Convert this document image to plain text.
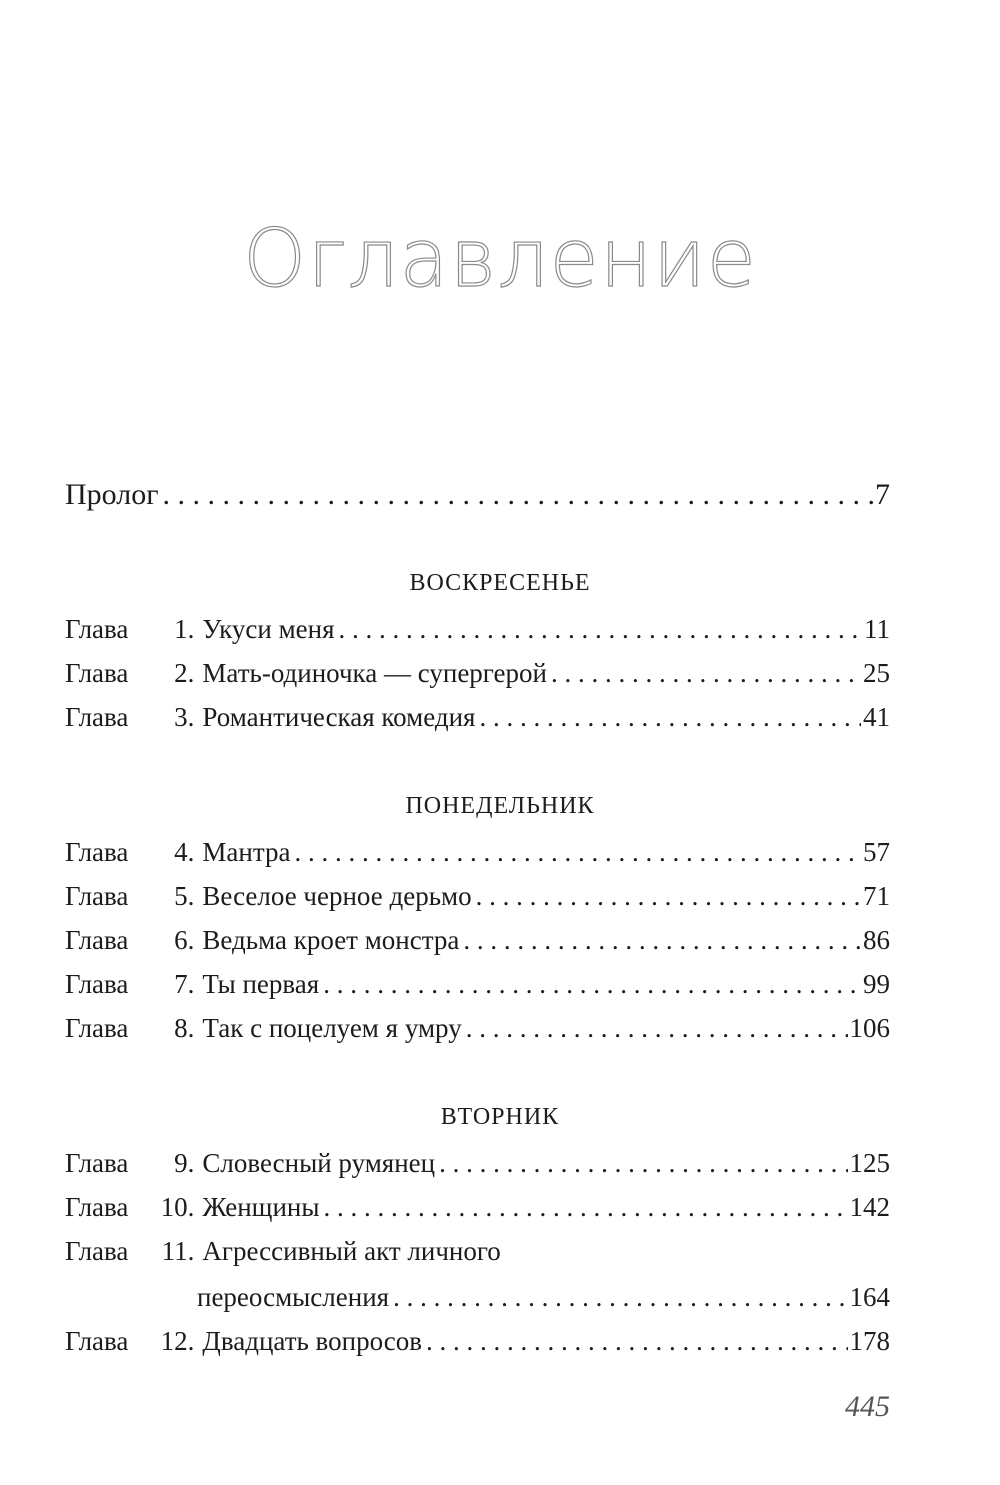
Оглавление
Пролог . . .	7
ВОСКРЕСЕНЬЕ
Глава	1. Укуси меня . . .	11
Глава	2. Мать-одиночка — супергерой . . .	25
Глава	3. Романтическая комедия . . .	41
ПОНЕДЕЛЬНИК
Глава	4. Мантра . . .	57
Глава	5. Веселое черное дерьмо . . .	71
Глава	6. Ведьма кроет монстра . . .	86
Глава	7. Ты первая . . .	99
Глава	8. Так с поцелуем я умру . . .	106
ВТОРНИК
Глава	9. Словесный румянец . . .	125
Глава	10. Женщины . . .	142
Глава	11. Агрессивный акт личного
переосмысления . . .	164
Глава	12. Двадцать вопросов . . .	178
445
